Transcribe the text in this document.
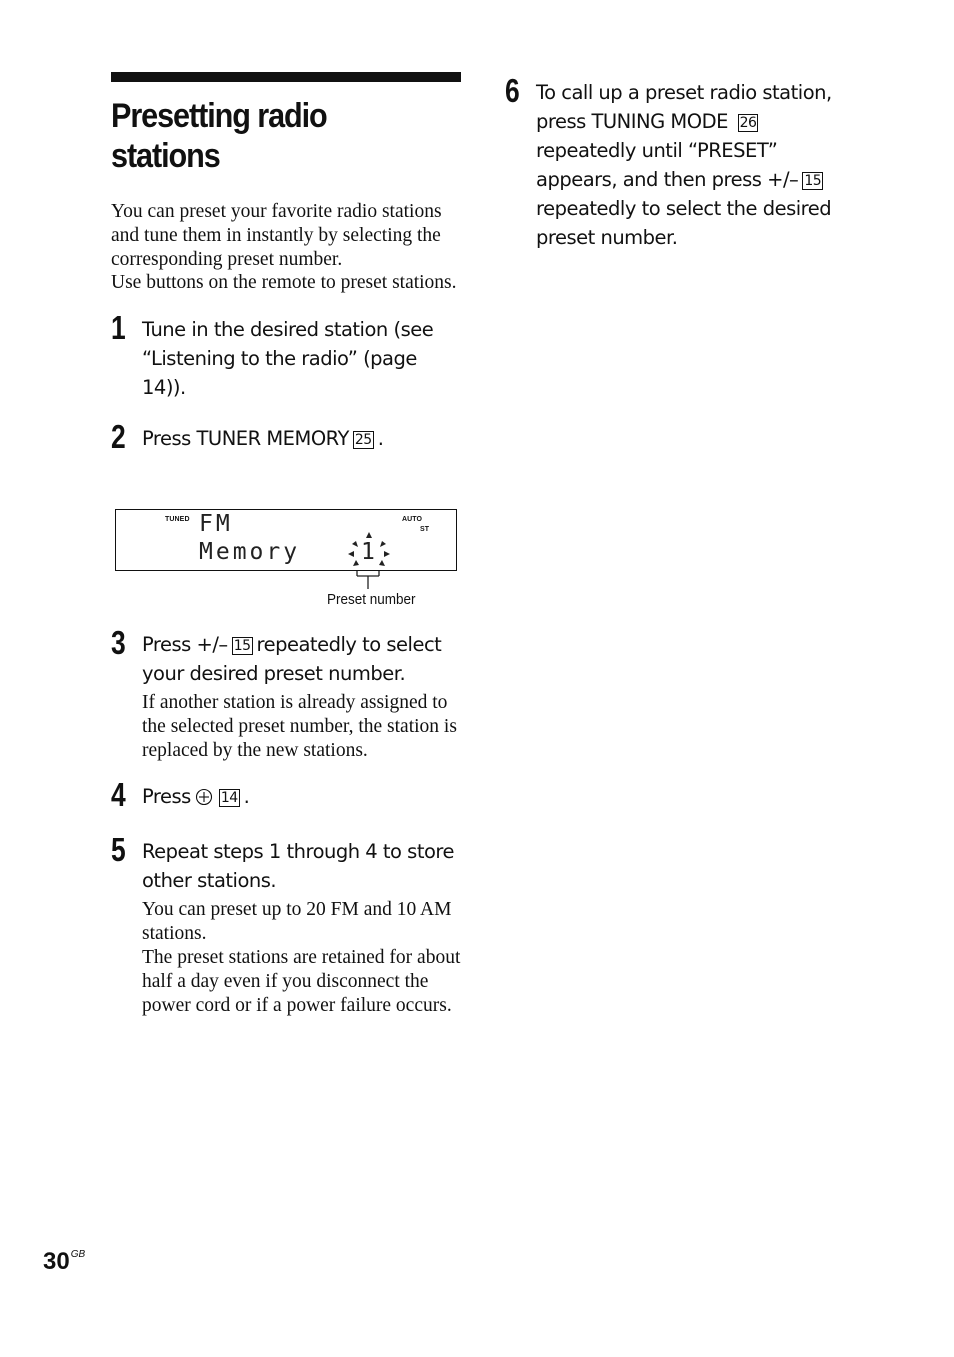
Presetting radio
stations

You can preset your favorite radio stations and tune them in instantly by selecting the corresponding preset number.

Use buttons on the remote to preset stations.

1 Tune in the desired station (see “Listening to the radio” (page 14)).
2 Press TUNER MEMORY 25 .
TUNED	AUTO
ST
FM
Memory	1
Preset number
3 Press +/– 15 repeatedly to select your desired preset number.
If another station is already assigned to the selected preset number, the station is replaced by the new stations.
4 Press 14 .
5 Repeat steps 1 through 4 to store other stations.
You can preset up to 20 FM and 10 AM stations.
The preset stations are retained for about half a day even if you disconnect the power cord or if a power failure occurs.
6 To call up a preset radio station, press TUNING MODE 26repeatedly until “PRESET” appears, and then press +/– 15repeatedly to select the desired preset number.
$30^{GB}$
